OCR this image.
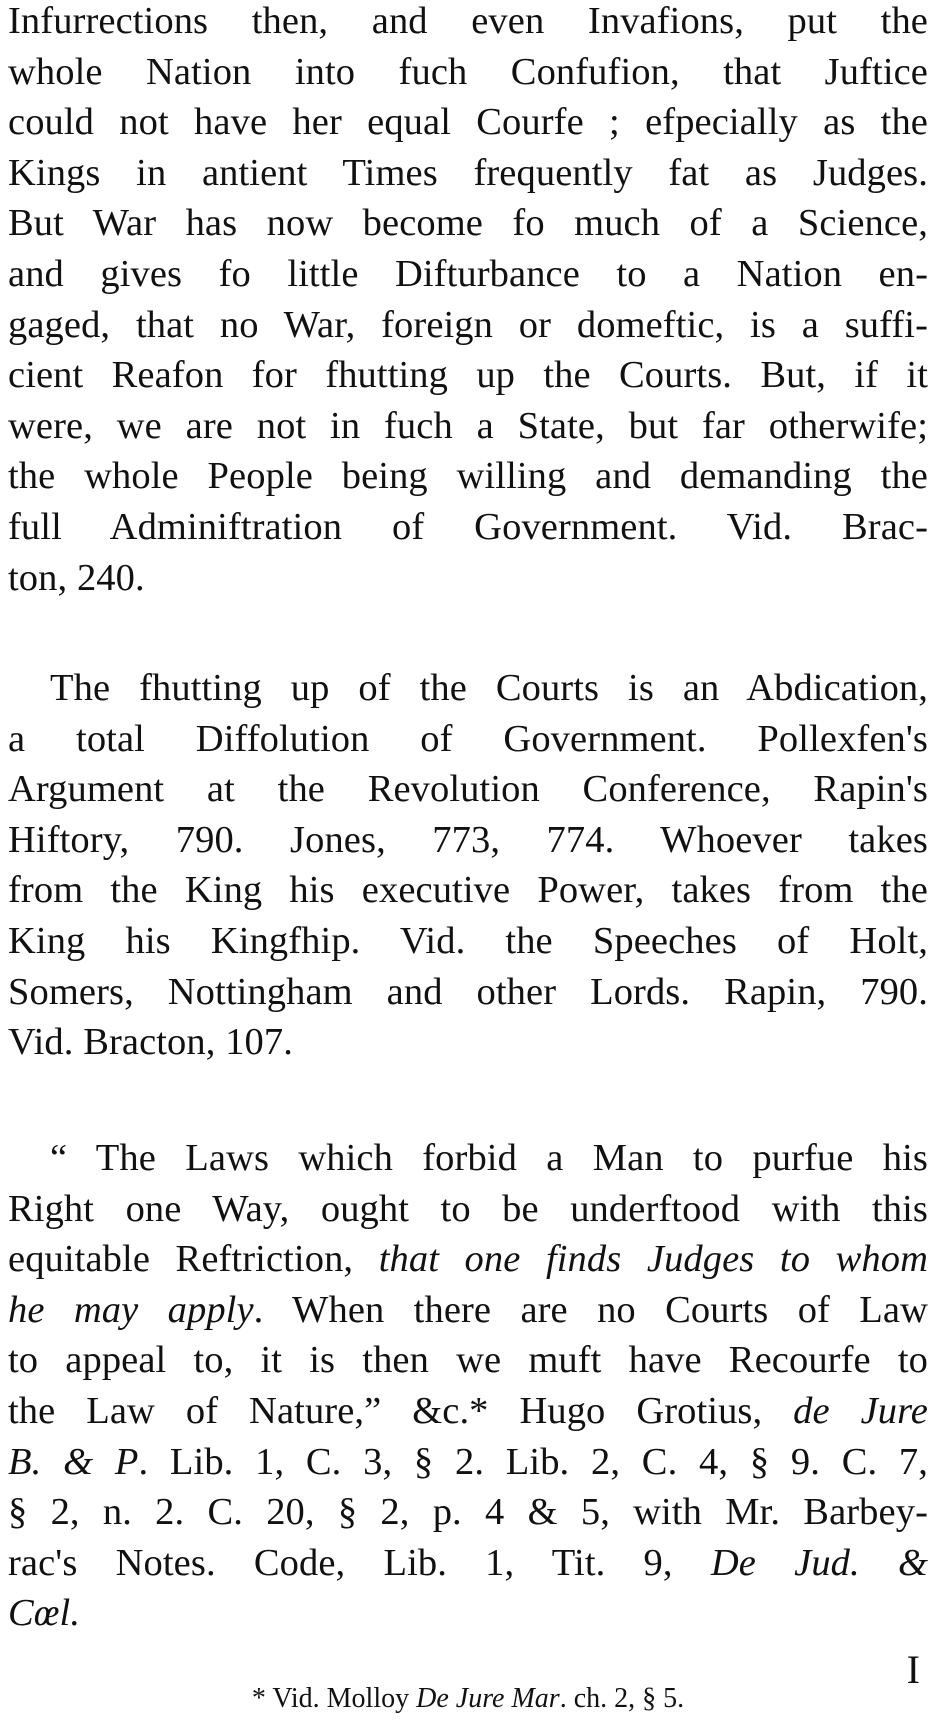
Infurrections then, and even Invafions, put the
whole Nation into fuch Confufion, that Juftice
could not have her equal Courfe ; efpecially as the
Kings in antient Times frequently fat as Judges.
But War has now become fo much of a Science,
and gives fo little Difturbance to a Nation en-
gaged, that no War, foreign or domeftic, is a suffi-
cient Reafon for fhutting up the Courts. But, if it
were, we are not in fuch a State, but far otherwife;
the whole People being willing and demanding the
full Adminiftration of Government. Vid. Brac-
ton, 240.
The fhutting up of the Courts is an Abdication,
a total Diffolution of Government. Pollexfen's
Argument at the Revolution Conference, Rapin's
Hiftory, 790. Jones, 773, 774. Whoever takes
from the King his executive Power, takes from the
King his Kingfhip. Vid. the Speeches of Holt,
Somers, Nottingham and other Lords. Rapin, 790.
Vid. Bracton, 107.
“ The Laws which forbid a Man to purfue his
Right one Way, ought to be underftood with this
equitable Reftriction, that one finds Judges to whom
he may apply. When there are no Courts of Law
to appeal to, it is then we muft have Recourfe to
the Law of Nature,” &c.* Hugo Grotius, de Jure
B. & P. Lib. 1, C. 3, § 2. Lib. 2, C. 4, § 9. C. 7,
§ 2, n. 2. C. 20, § 2, p. 4 & 5, with Mr. Barbey-
rac's Notes. Code, Lib. 1, Tit. 9, De Jud. &
Cœl.

I

* Vid. Molloy De Jure Mar. ch. 2, § 5.
